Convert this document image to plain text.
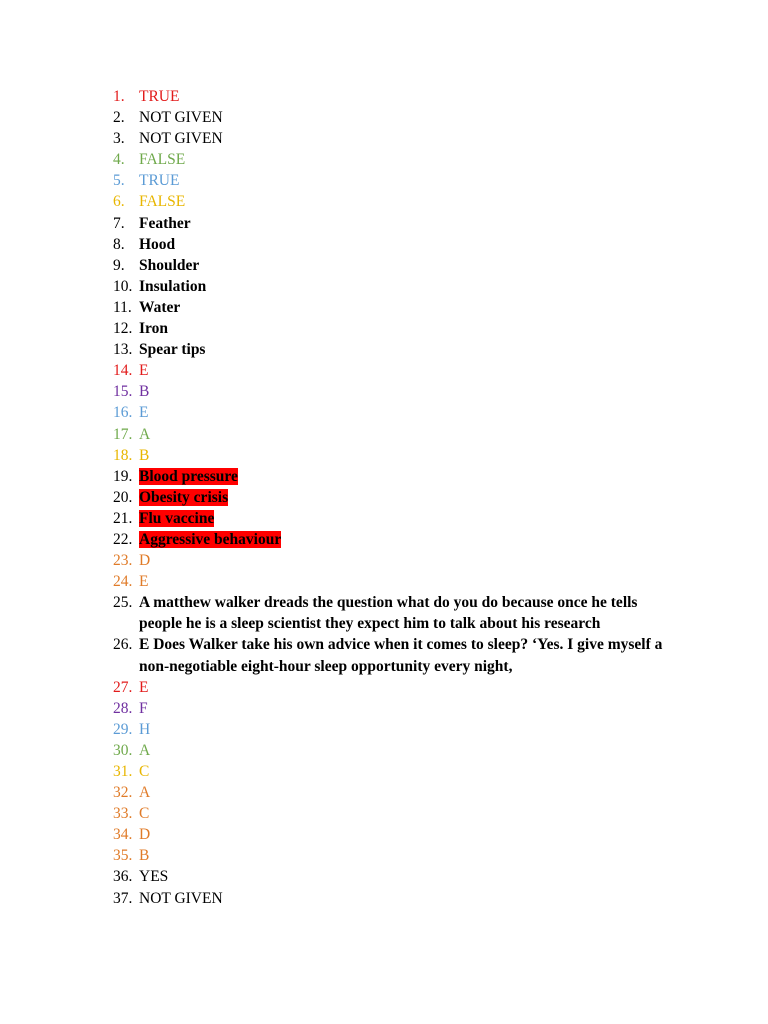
1. TRUE
2. NOT GIVEN
3. NOT GIVEN
4. FALSE
5. TRUE
6. FALSE
7. Feather
8. Hood
9. Shoulder
10. Insulation
11. Water
12. Iron
13. Spear tips
14. E
15. B
16. E
17. A
18. B
19. Blood pressure
20. Obesity crisis
21. Flu vaccine
22. Aggressive behaviour
23. D
24. E
25. A matthew walker dreads the question what do you do because once he tells people he is a sleep scientist they expect him to talk about his research
26. E Does Walker take his own advice when it comes to sleep? ‘Yes. I give myself a non-negotiable eight-hour sleep opportunity every night,
27. E
28. F
29. H
30. A
31. C
32. A
33. C
34. D
35. B
36. YES
37. NOT GIVEN
